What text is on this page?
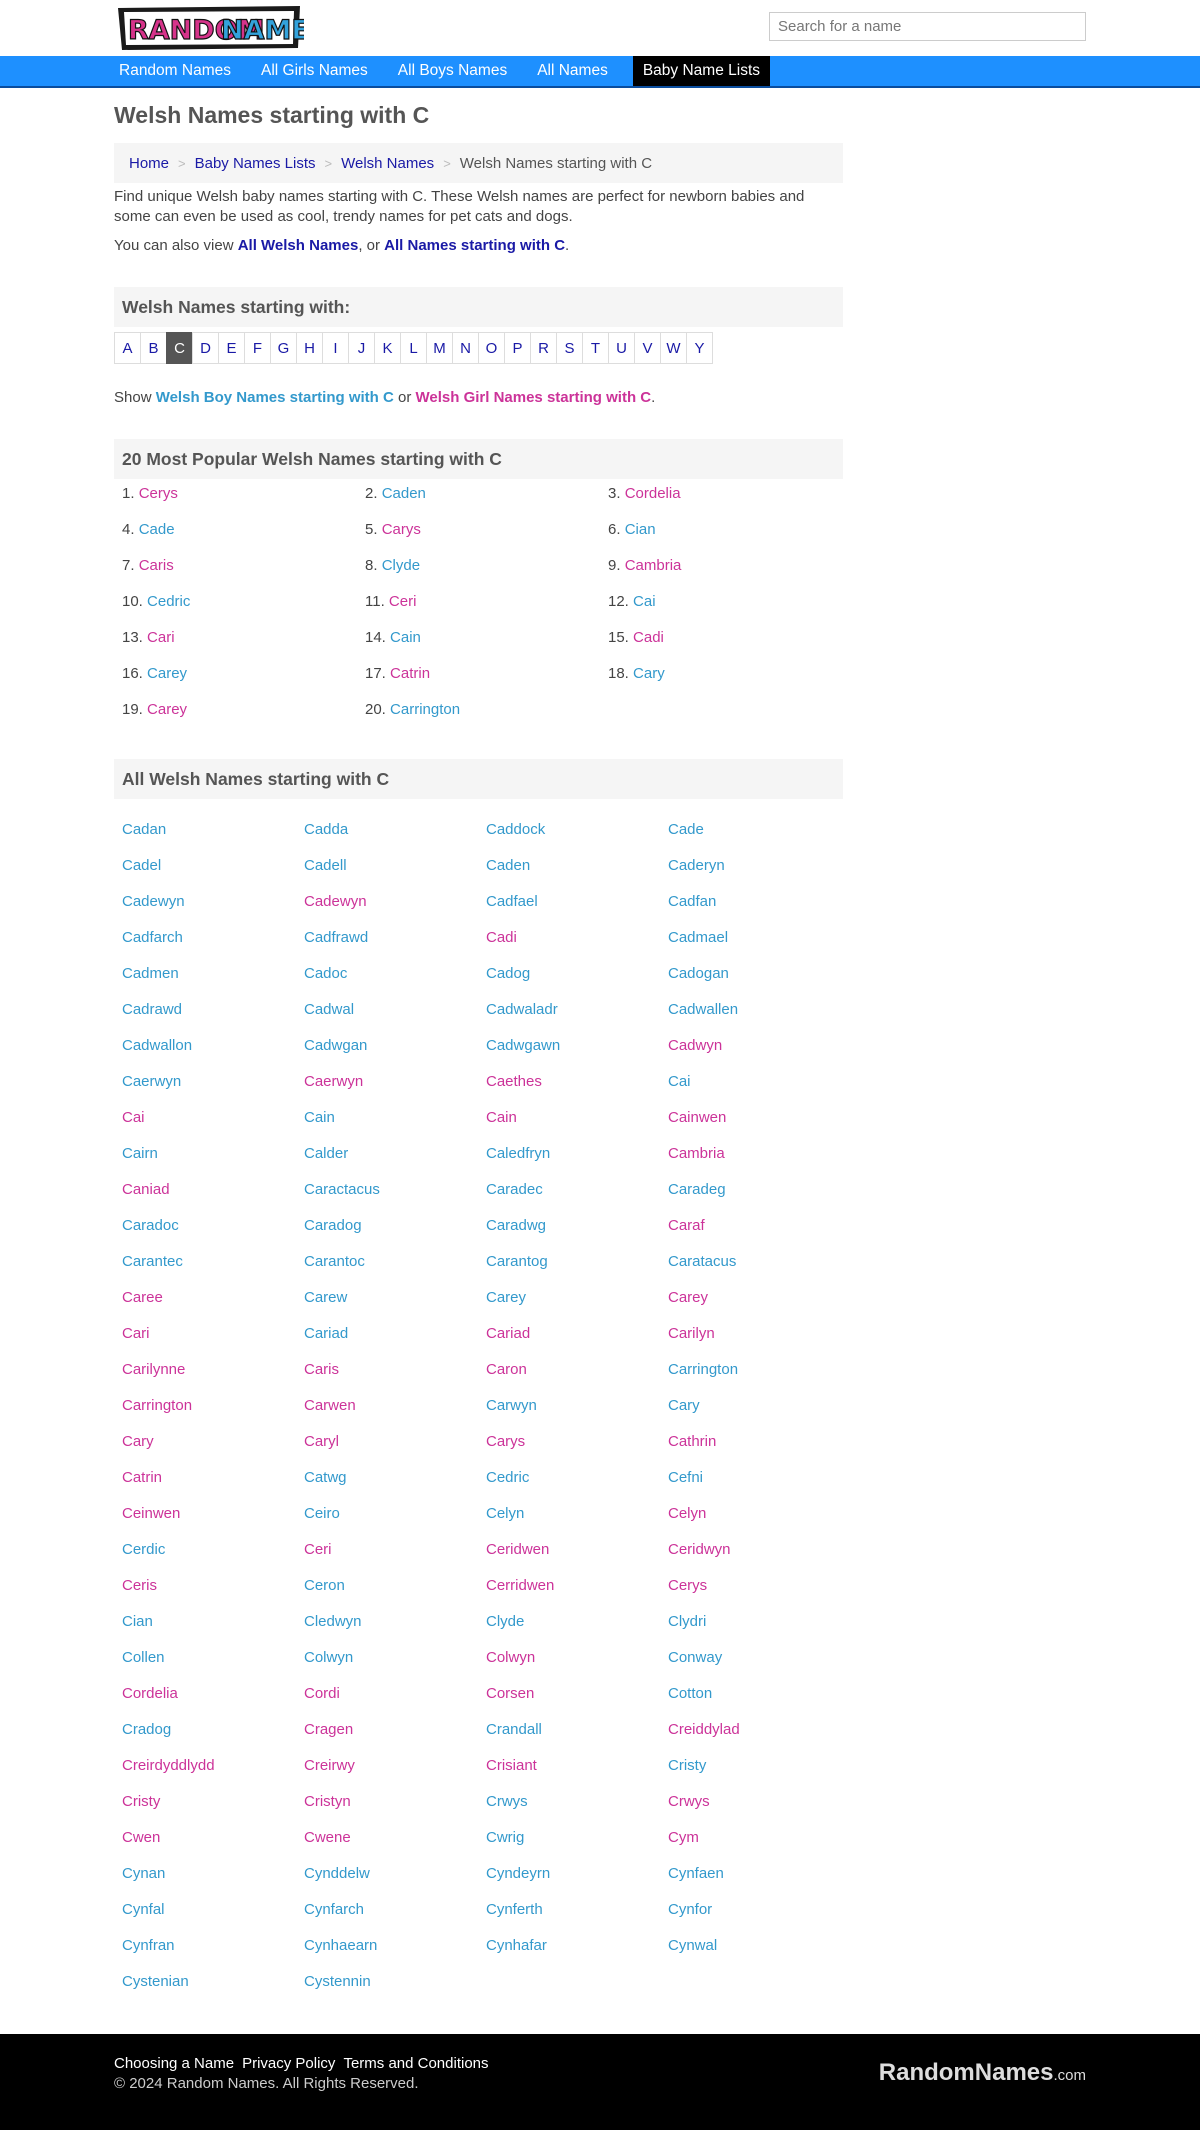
RANDOM
NAME
Search for a name
Random Names	All Girls Names	All Boys Names	All Names	Baby Name Lists
Welsh Names starting with C
Home > Baby Names Lists > Welsh Names > Welsh Names starting with C

Find unique Welsh baby names starting with C. These Welsh names are perfect for newborn babies and some can even be used as cool, trendy names for pet cats and dogs.

You can also view All Welsh Names, or All Names starting with C.

Welsh Names starting with:
A	B	C	D	E	F	G H	I	J	K	L	M N O	P	R	S	T	U	V W Y

Show Welsh Boy Names starting with C or Welsh Girl Names starting with C.

20 Most Popular Welsh Names starting with C
1. Cerys	2. Caden	3. Cordelia
4. Cade	5. Carys	6. Cian
7. Caris	8. Clyde	9. Cambria
10. Cedric	11. Ceri	12. Cai
13. Cari	14. Cain	15. Cadi
16. Carey	17. Catrin	18. Cary
19. Carey	20. Carrington
All Welsh Names starting with C
Cadan	Cadda	Caddock	Cade
Cadel	Cadell	Caden	Caderyn
Cadewyn	Cadewyn	Cadfael	Cadfan
Cadfarch	Cadfrawd	Cadi	Cadmael
Cadmen	Cadoc	Cadog	Cadogan
Cadrawd	Cadwal	Cadwaladr	Cadwallen
Cadwallon	Cadwgan	Cadwgawn	Cadwyn
Caerwyn	Caerwyn	Caethes	Cai
Cai	Cain	Cain	Cainwen
Cairn	Calder	Caledfryn	Cambria
Caniad	Caractacus	Caradec	Caradeg
Caradoc	Caradog	Caradwg	Caraf
Carantec	Carantoc	Carantog	Caratacus
Caree	Carew	Carey	Carey
Cari	Cariad	Cariad	Carilyn
Carilynne	Caris	Caron	Carrington
Carrington	Carwen	Carwyn	Cary
Cary	Caryl	Carys	Cathrin
Catrin	Catwg	Cedric	Cefni
Ceinwen	Ceiro	Celyn	Celyn
Cerdic	Ceri	Ceridwen	Ceridwyn
Ceris	Ceron	Cerridwen	Cerys
Cian	Cledwyn	Clyde	Clydri
Collen	Colwyn	Colwyn	Conway
Cordelia	Cordi	Corsen	Cotton
Cradog	Cragen	Crandall	Creiddylad
Creirdyddlydd	Creirwy	Crisiant	Cristy
Cristy	Cristyn	Crwys	Crwys
Cwen	Cwene	Cwrig	Cym
Cynan	Cynddelw	Cyndeyrn	Cynfaen
Cynfal	Cynfarch	Cynferth	Cynfor
Cynfran	Cynhaearn	Cynhafar	Cynwal
Cystenian	Cystennin
Choosing a Name Privacy Policy Terms and Conditions
© 2024 Random Names. All Rights Reserved.	RandomNames.com
